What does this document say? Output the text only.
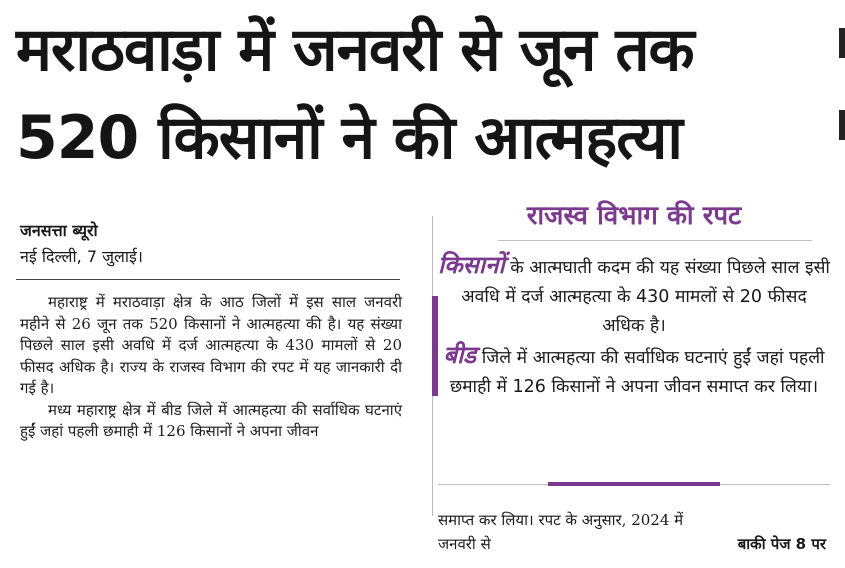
मराठवाड़ा में जनवरी से जून तक
520 किसानों ने की आत्महत्या
जनसत्ता ब्यूरो
नई दिल्ली, 7 जुलाई।

महाराष्ट्र में मराठवाड़ा क्षेत्र के आठ जिलों में इस साल जनवरी महीने से 26 जून तक 520 किसानों ने आत्महत्या की है। यह संख्या पिछले साल इसी अवधि में दर्ज आत्महत्या के 430 मामलों से 20 फीसद अधिक है। राज्य के राजस्व विभाग की रपट में यह जानकारी दी गई है।

मध्य महाराष्ट्र क्षेत्र में बीड जिले में आत्महत्या की सर्वाधिक घटनाएं हुईं जहां पहली छमाही में 126 किसानों ने अपना जीवन

राजस्व विभाग की रपट
किसानों के आत्मघाती कदम की यह संख्या पिछले साल इसी अवधि में दर्ज आत्महत्या के 430 मामलों से 20 फीसद अधिक है।
बीड जिले में आत्महत्या की सर्वाधिक घटनाएं हुईं जहां पहली छमाही में 126 किसानों ने अपना जीवन समाप्त कर लिया।
समाप्त कर लिया। रपट के अनुसार, 2024 में
जनवरी से	बाकी पेज 8 पर
